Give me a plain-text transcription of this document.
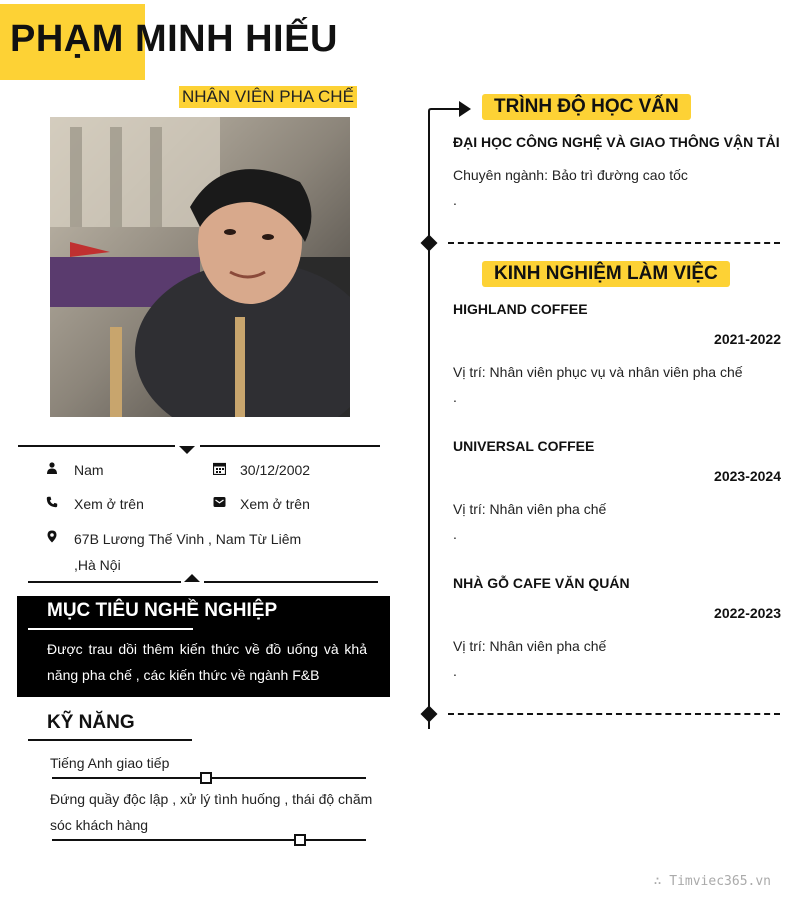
PHẠM MINH HIẾU
NHÂN VIÊN PHA CHẾ
Nam	30/12/2002
Xem ở trên	Xem ở trên
67B Lương Thế Vinh , Nam Từ Liêm ,Hà Nội
MỤC TIÊU NGHỀ NGHIỆP
Được trau dồi thêm kiến thức về đồ uống và khả năng pha chế , các kiến thức về ngành F&B
KỸ NĂNG
Tiếng Anh giao tiếp
Đứng quầy độc lập , xử lý tình huống , thái độ chăm sóc khách hàng
TRÌNH ĐỘ HỌC VẤN
ĐẠI HỌC CÔNG NGHỆ VÀ GIAO THÔNG VẬN TẢI
Chuyên ngành: Bảo trì đường cao tốc
.
KINH NGHIỆM LÀM VIỆC
HIGHLAND COFFEE
2021-2022
Vị trí: Nhân viên phục vụ và nhân viên pha chế
.
UNIVERSAL COFFEE
2023-2024
Vị trí: Nhân viên pha chế
.
NHÀ GỖ CAFE VĂN QUÁN
2022-2023
Vị trí: Nhân viên pha chế
.
∴ Timviec365.vn
